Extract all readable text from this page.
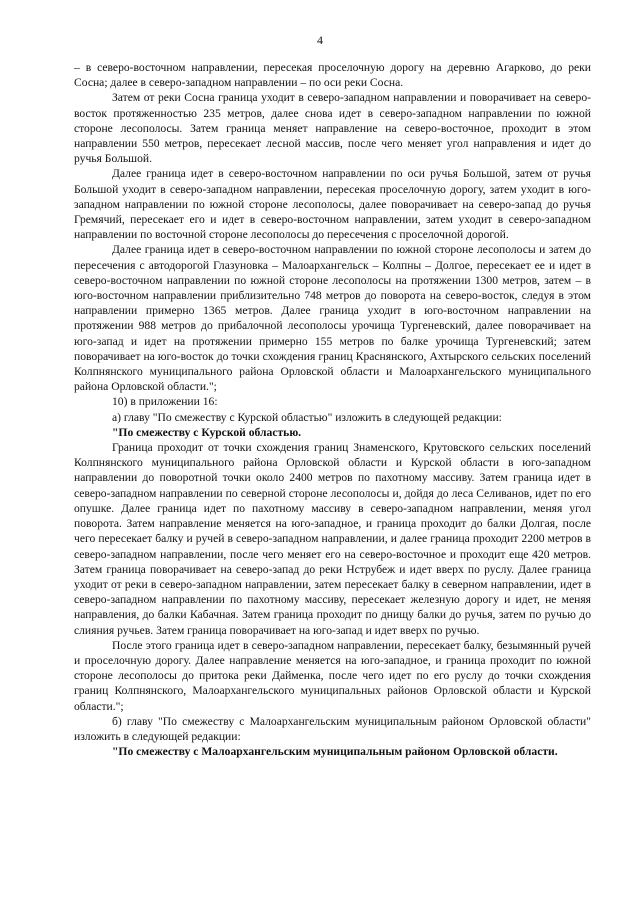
4

– в северо-восточном направлении, пересекая проселочную дорогу на деревню Агарково, до реки Сосна; далее в северо-западном направлении – по оси реки Сосна.

Затем от реки Сосна граница уходит в северо-западном направлении и поворачивает на северо-восток протяженностью 235 метров, далее снова идет в северо-западном направлении по южной стороне лесополосы. Затем граница меняет направление на северо-восточное, проходит в этом направлении 550 метров, пересекает лесной массив, после чего меняет угол направления и идет до ручья Большой.

Далее граница идет в северо-восточном направлении по оси ручья Большой, затем от ручья Большой уходит в северо-западном направлении, пересекая проселочную дорогу, затем уходит в юго-западном направлении по южной стороне лесополосы, далее поворачивает на северо-запад до ручья Гремячий, пересекает его и идет в северо-восточном направлении, затем уходит в северо-западном направлении по восточной стороне лесополосы до пересечения с проселочной дорогой.

Далее граница идет в северо-восточном направлении по южной стороне лесополосы и затем до пересечения с автодорогой Глазуновка – Малоархангельск – Колпны – Долгое, пересекает ее и идет в северо-восточном направлении по южной стороне лесополосы на протяжении 1300 метров, затем – в юго-восточном направлении приблизительно 748 метров до поворота на северо-восток, следуя в этом направлении примерно 1365 метров. Далее граница уходит в юго-восточном направлении на протяжении 988 метров до прибалочной лесополосы урочища Тургеневский, далее поворачивает на юго-запад и идет на протяжении примерно 155 метров по балке урочища Тургеневский; затем поворачивает на юго-восток до точки схождения границ Краснянского, Ахтырского сельских поселений Колпнянского муниципального района Орловской области и Малоархангельского муниципального района Орловской области.";

10) в приложении 16:

а) главу "По смежеству с Курской областью" изложить в следующей редакции:

"По смежеству с Курской областью.

Граница проходит от точки схождения границ Знаменского, Крутовского сельских поселений Колпнянского муниципального района Орловской области и Курской области в юго-западном направлении до поворотной точки около 2400 метров по пахотному массиву. Затем граница идет в северо-западном направлении по северной стороне лесополосы и, дойдя до леса Селиванов, идет по его опушке. Далее граница идет по пахотному массиву в северо-западном направлении, меняя угол поворота. Затем направление меняется на юго-западное, и граница проходит до балки Долгая, после чего пересекает балку и ручей в северо-западном направлении, и далее граница проходит 2200 метров в северо-западном направлении, после чего меняет его на северо-восточное и проходит еще 420 метров. Затем граница поворачивает на северо-запад до реки Нструбеж и идет вверх по руслу. Далее граница уходит от реки в северо-западном направлении, затем пересекает балку в северном направлении, идет в северо-западном направлении по пахотному массиву, пересекает железную дорогу и идет, не меняя направления, до балки Кабачная. Затем граница проходит по днищу балки до ручья, затем по ручью до слияния ручьев. Затем граница поворачивает на юго-запад и идет вверх по ручью.

После этого граница идет в северо-западном направлении, пересекает балку, безымянный ручей и проселочную дорогу. Далее направление меняется на юго-западное, и граница проходит по южной стороне лесополосы до притока реки Дайменка, после чего идет по его руслу до точки схождения границ Колпнянского, Малоархангельского муниципальных районов Орловской области и Курской области.";

б) главу "По смежеству с Малоархангельским муниципальным районом Орловской области" изложить в следующей редакции:

"По смежеству с Малоархангельским муниципальным районом Орловской области.
